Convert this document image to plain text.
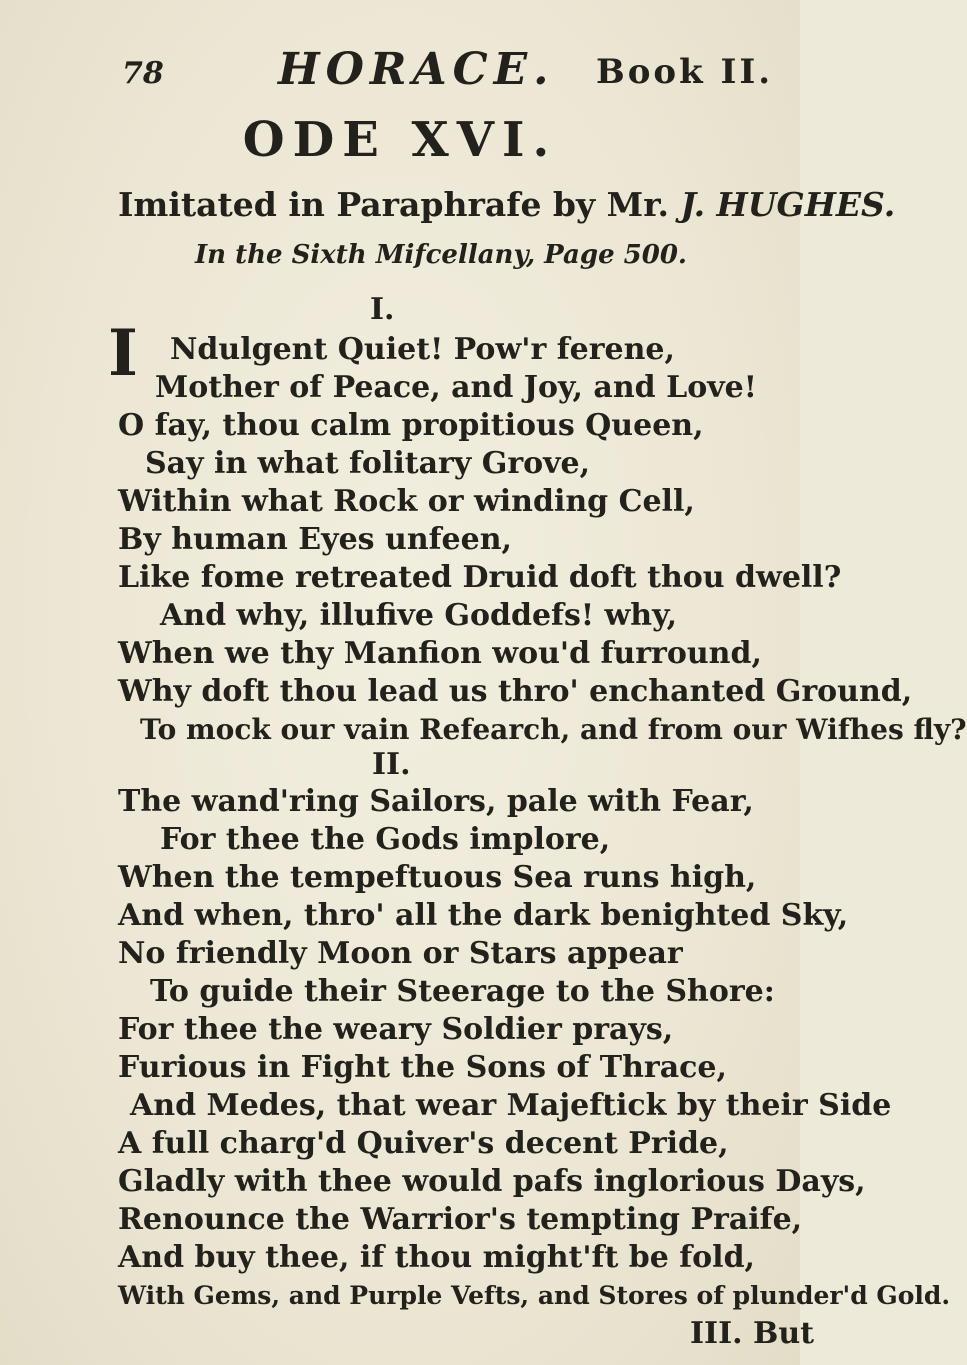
78	HORACE. Book II.
ODE XVI.
Imitated in Paraphrafe by Mr. J. HUGHES.
In the Sixth Mifcellany, Page 500.
I.
I Ndulgent Quiet! Pow'r ferene,
Mother of Peace, and Joy, and Love!
O fay, thou calm propitious Queen,
Say in what folitary Grove,
Within what Rock or winding Cell,
By human Eyes unfeen,
Like fome retreated Druid doft thou dwell?
And why, illufive Goddefs! why,
When we thy Manfion wou'd furround,
Why doft thou lead us thro' enchanted Ground,
To mock our vain Refearch, and from our Wifhes fly?
II.
The wand'ring Sailors, pale with Fear,
For thee the Gods implore,
When the tempeftuous Sea runs high,
And when, thro' all the dark benighted Sky,
No friendly Moon or Stars appear
To guide their Steerage to the Shore:
For thee the weary Soldier prays,
Furious in Fight the Sons of Thrace,
And Medes, that wear Majeftick by their Side
A full charg'd Quiver's decent Pride,
Gladly with thee would pafs inglorious Days,
Renounce the Warrior's tempting Praife,
And buy thee, if thou might'ft be fold,
With Gems, and Purple Vefts, and Stores of plunder'd Gold.
III. But
